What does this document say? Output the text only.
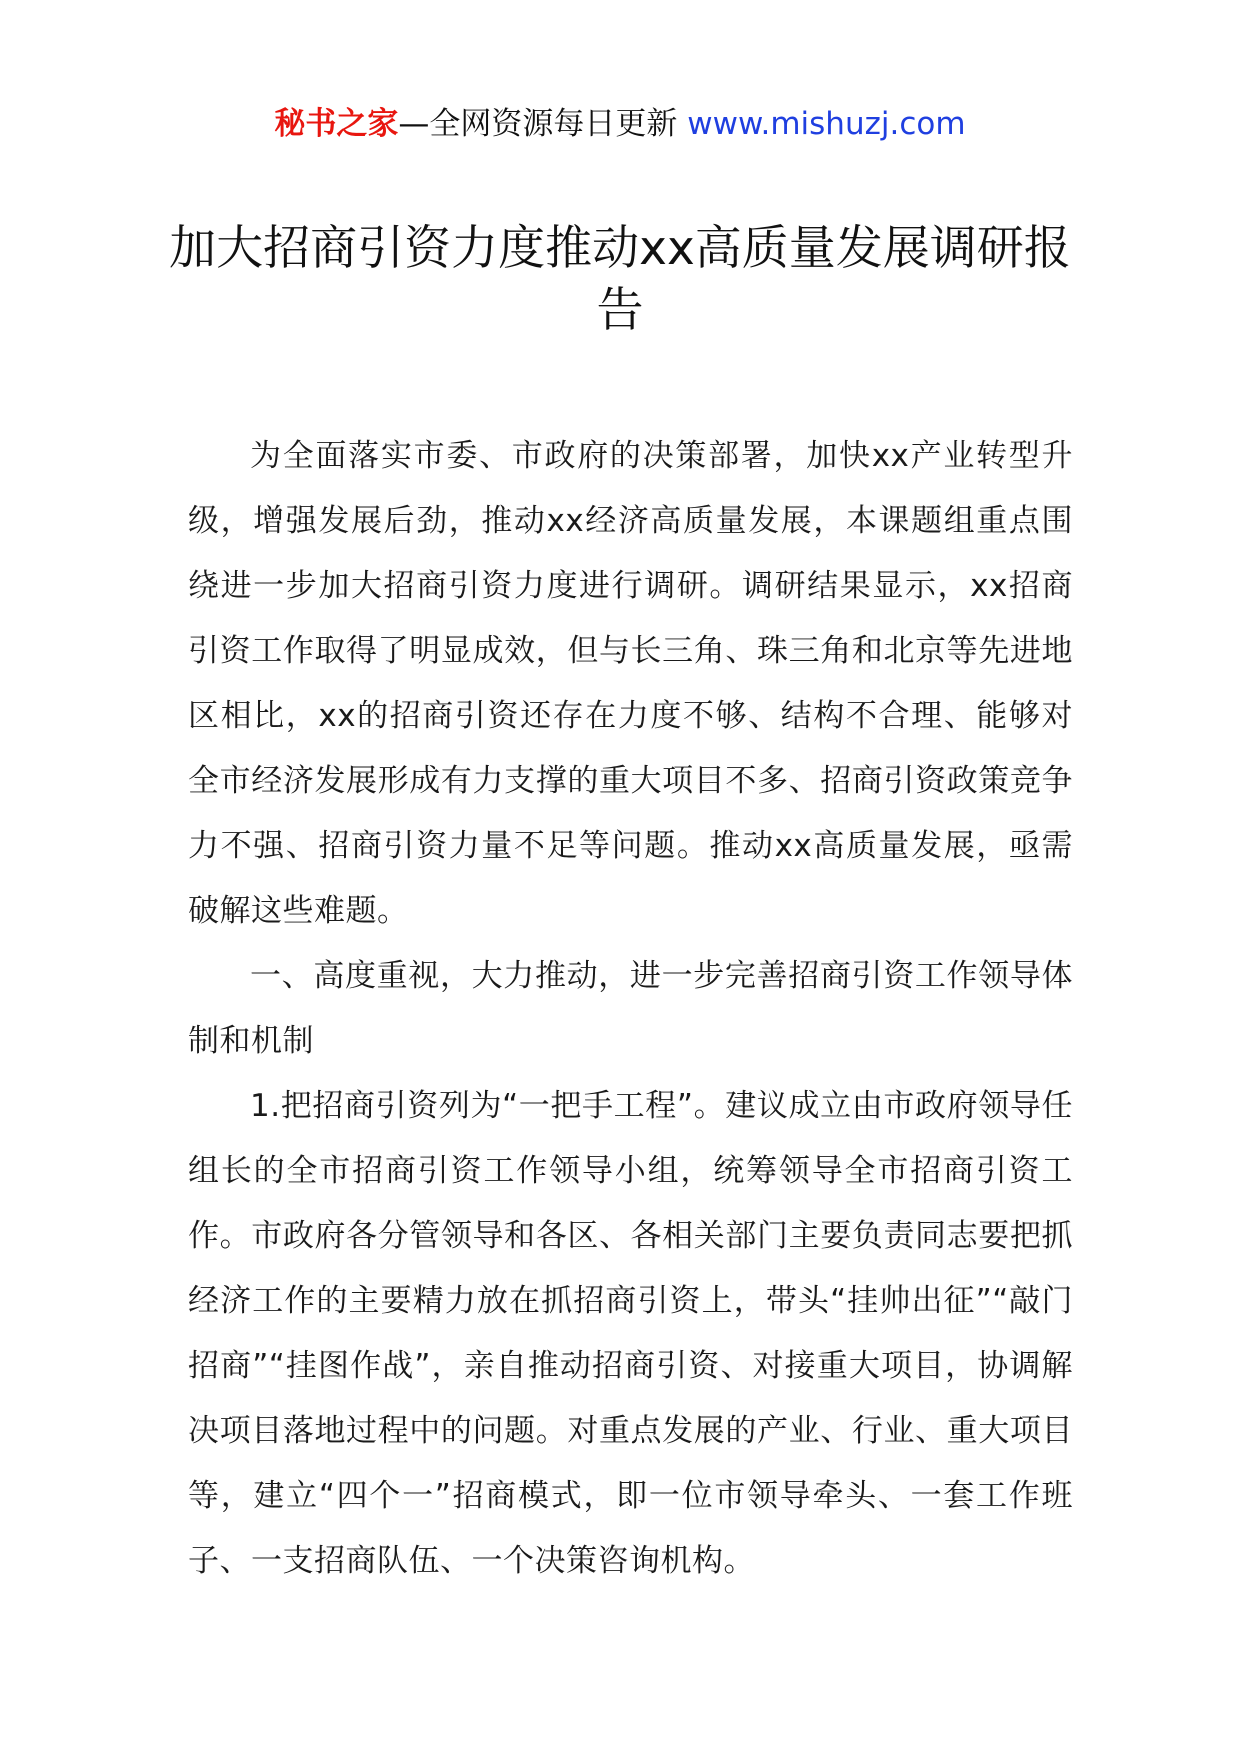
秘书之家—全网资源每日更新 www.mishuzj.com
加大招商引资力度推动xx高质量发展调研报告

为全面落实市委、市政府的决策部署，加快xx产业转型升级，增强发展后劲，推动xx经济高质量发展，本课题组重点围绕进一步加大招商引资力度进行调研。调研结果显示，xx招商引资工作取得了明显成效，但与长三角、珠三角和北京等先进地区相比，xx的招商引资还存在力度不够、结构不合理、能够对全市经济发展形成有力支撑的重大项目不多、招商引资政策竞争力不强、招商引资力量不足等问题。推动xx高质量发展，亟需破解这些难题。

一、高度重视，大力推动，进一步完善招商引资工作领导体制和机制

1.把招商引资列为“一把手工程”。建议成立由市政府领导任组长的全市招商引资工作领导小组，统筹领导全市招商引资工作。市政府各分管领导和各区、各相关部门主要负责同志要把抓经济工作的主要精力放在抓招商引资上，带头“挂帅出征”“敲门招商”“挂图作战”，亲自推动招商引资、对接重大项目，协调解决项目落地过程中的问题。对重点发展的产业、行业、重大项目等，建立“四个一”招商模式，即一位市领导牵头、一套工作班子、一支招商队伍、一个决策咨询机构。
